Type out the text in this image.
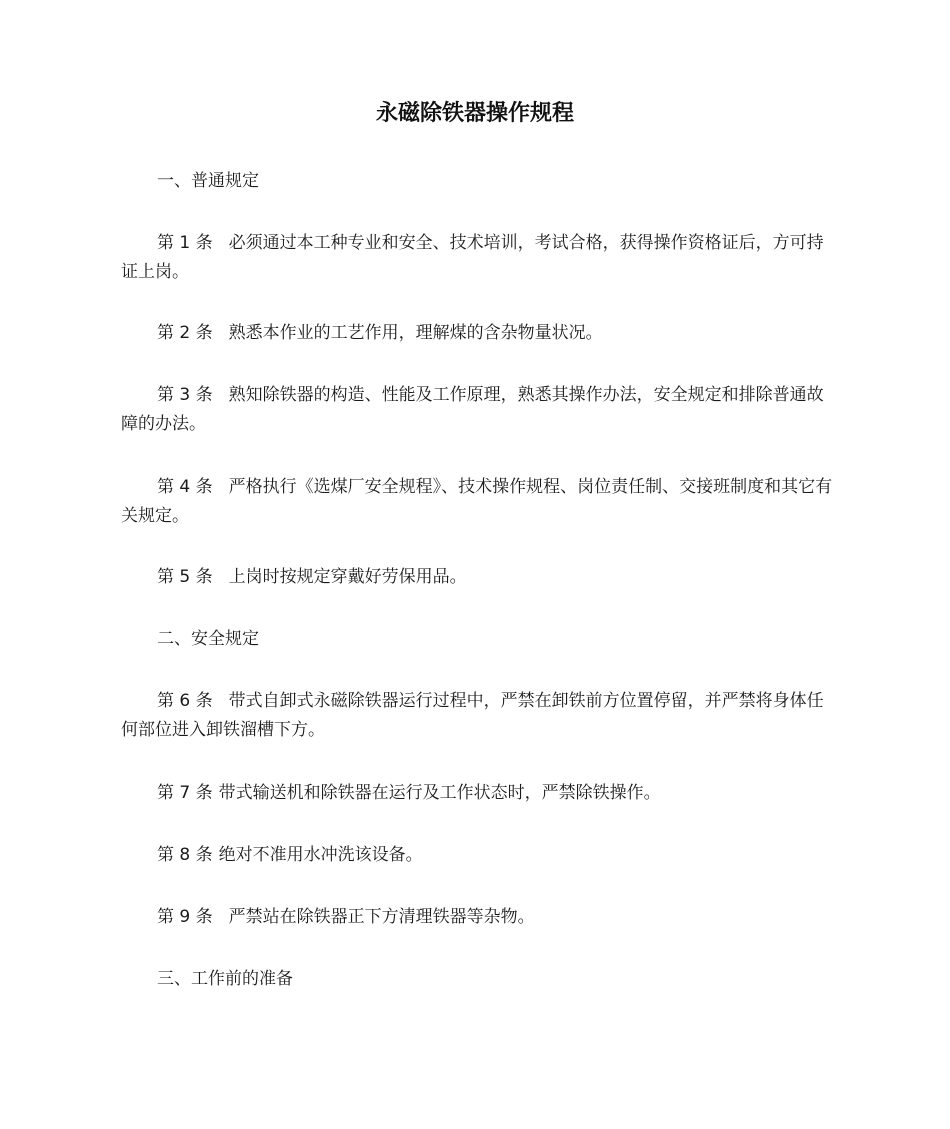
永磁除铁器操作规程

一、普通规定

第 1 条 必须通过本工种专业和安全、技术培训，考试合格，获得操作资格证后，方可持证上岗。

第 2 条 熟悉本作业的工艺作用，理解煤的含杂物量状况。

第 3 条 熟知除铁器的构造、性能及工作原理，熟悉其操作办法，安全规定和排除普通故障的办法。

第 4 条 严格执行《选煤厂安全规程》、技术操作规程、岗位责任制、交接班制度和其它有关规定。

第 5 条 上岗时按规定穿戴好劳保用品。

二、安全规定

第 6 条 带式自卸式永磁除铁器运行过程中，严禁在卸铁前方位置停留，并严禁将身体任何部位进入卸铁溜槽下方。

第 7 条 带式输送机和除铁器在运行及工作状态时，严禁除铁操作。

第 8 条 绝对不准用水冲洗该设备。

第 9 条 严禁站在除铁器正下方清理铁器等杂物。

三、工作前的准备
